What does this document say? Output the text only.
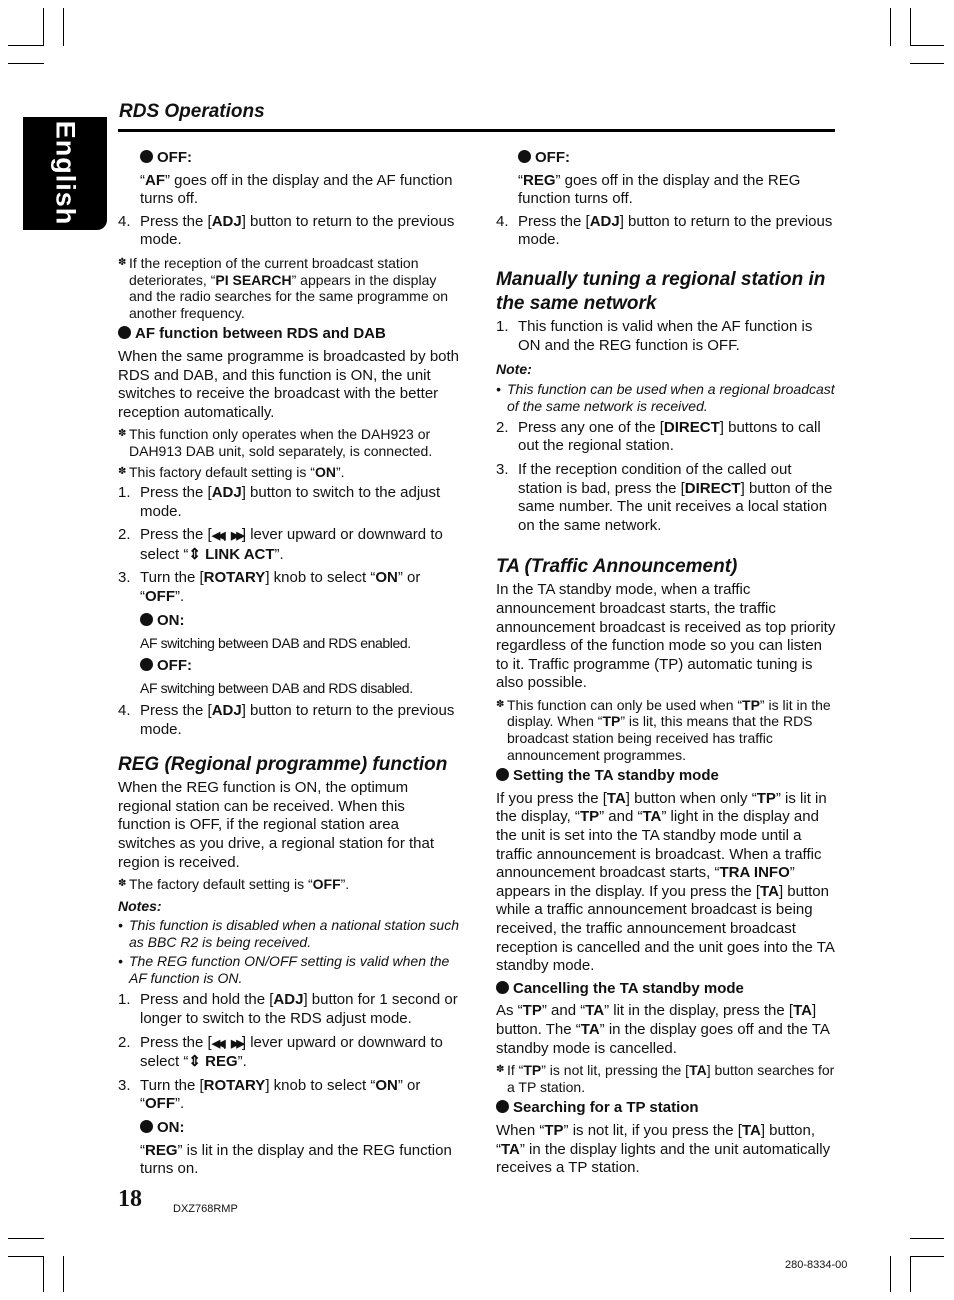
English
RDS Operations
OFF:
“AF” goes off in the display and the AF function turns off.
4. Press the [ADJ] button to return to the previous mode.
✽ If the reception of the current broadcast station deteriorates, “PI SEARCH” appears in the display and the radio searches for the same programme on another frequency.
AF function between RDS and DAB
When the same programme is broadcasted by both RDS and DAB, and this function is ON, the unit switches to receive the broadcast with the better reception automatically.
✽ This function only operates when the DAH923 or DAH913 DAB unit, sold separately, is connected.
✽ This factory default setting is “ON”.
1. Press the [ADJ] button to switch to the adjust mode.
2. Press the [◀◀, ▶▶] lever upward or downward to select “⇕ LINK ACT”.
3. Turn the [ROTARY] knob to select “ON” or “OFF”.
ON:
AF switching between DAB and RDS enabled.
OFF:
AF switching between DAB and RDS disabled.
4. Press the [ADJ] button to return to the previous mode.
REG (Regional programme) function
When the REG function is ON, the optimum regional station can be received. When this function is OFF, if the regional station area switches as you drive, a regional station for that region is received.
✽ The factory default setting is “OFF”.
Notes:
• This function is disabled when a national station such as BBC R2 is being received.
• The REG function ON/OFF setting is valid when the AF function is ON.
1. Press and hold the [ADJ] button for 1 second or longer to switch to the RDS adjust mode.
2. Press the [◀◀, ▶▶] lever upward or downward to select “⇕ REG”.
3. Turn the [ROTARY] knob to select “ON” or “OFF”.
ON:
“REG” is lit in the display and the REG function turns on.
OFF:
“REG” goes off in the display and the REG function turns off.
4. Press the [ADJ] button to return to the previous mode.
Manually tuning a regional station in the same network
1. This function is valid when the AF function is ON and the REG function is OFF.
Note:
• This function can be used when a regional broadcast of the same network is received.
2. Press any one of the [DIRECT] buttons to call out the regional station.
3. If the reception condition of the called out station is bad, press the [DIRECT] button of the same number. The unit receives a local station on the same network.
TA (Traffic Announcement)
In the TA standby mode, when a traffic announcement broadcast starts, the traffic announcement broadcast is received as top priority regardless of the function mode so you can listen to it. Traffic programme (TP) automatic tuning is also possible.
✽ This function can only be used when “TP” is lit in the display. When “TP” is lit, this means that the RDS broadcast station being received has traffic announcement programmes.
Setting the TA standby mode
If you press the [TA] button when only “TP” is lit in the display, “TP” and “TA” light in the display and the unit is set into the TA standby mode until a traffic announcement is broadcast. When a traffic announcement broadcast starts, “TRA INFO” appears in the display. If you press the [TA] button while a traffic announcement broadcast is being received, the traffic announcement broadcast reception is cancelled and the unit goes into the TA standby mode.
Cancelling the TA standby mode
As “TP” and “TA” lit in the display, press the [TA] button. The “TA” in the display goes off and the TA standby mode is cancelled.
✽ If “TP” is not lit, pressing the [TA] button searches for a TP station.
Searching for a TP station
When “TP” is not lit, if you press the [TA] button, “TA” in the display lights and the unit automatically receives a TP station.
18	DXZ768RMP
280-8334-00
